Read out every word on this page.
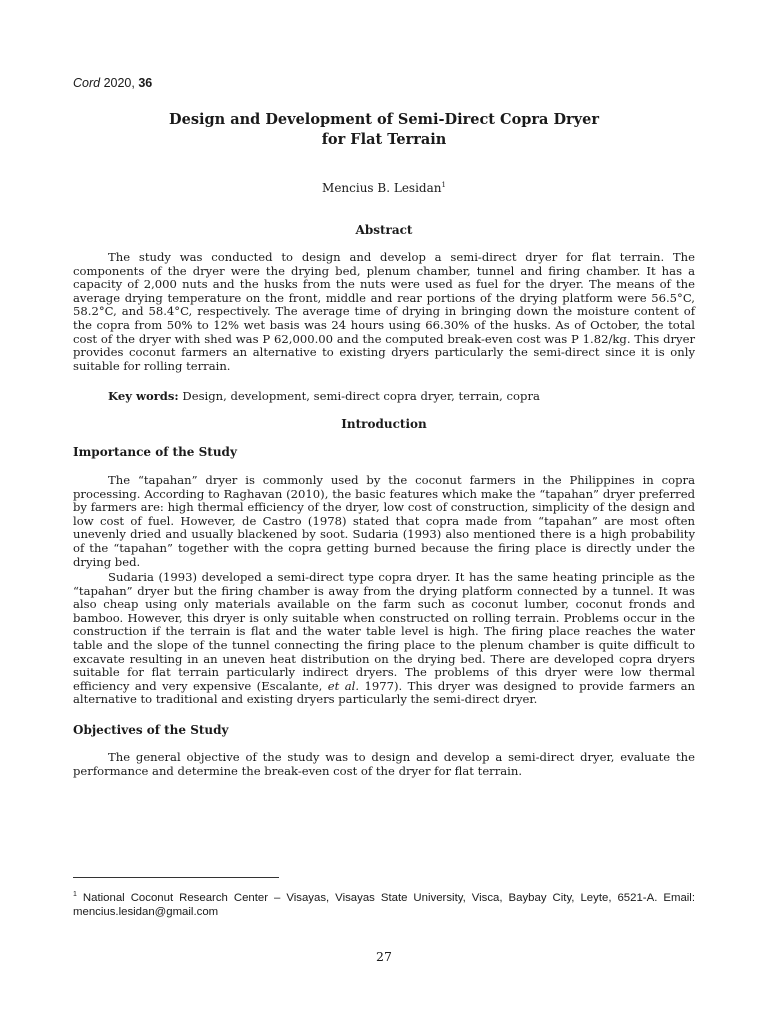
Cord 2020, 36
Design and Development of Semi-Direct Copra Dryer
for Flat Terrain
Mencius B. Lesidan$^1$
Abstract

The study was conducted to design and develop a semi-direct dryer for flat terrain. The components of the dryer were the drying bed, plenum chamber, tunnel and firing chamber. It has a capacity of 2,000 nuts and the husks from the nuts were used as fuel for the dryer. The means of the average drying temperature on the front, middle and rear portions of the drying platform were 56.5°C, 58.2°C, and 58.4°C, respectively. The average time of drying in bringing down the moisture content of the copra from 50% to 12% wet basis was 24 hours using 66.30% of the husks. As of October, the total cost of the dryer with shed was P 62,000.00 and the computed break-even cost was P 1.82/kg. This dryer provides coconut farmers an alternative to existing dryers particularly the semi-direct since it is only suitable for rolling terrain.

Key words: Design, development, semi-direct copra dryer, terrain, copra
Introduction
Importance of the Study

The “tapahan” dryer is commonly used by the coconut farmers in the Philippines in copra processing. According to Raghavan (2010), the basic features which make the “tapahan” dryer preferred by farmers are: high thermal efficiency of the dryer, low cost of construction, simplicity of the design and low cost of fuel. However, de Castro (1978) stated that copra made from “tapahan” are most often unevenly dried and usually blackened by soot. Sudaria (1993) also mentioned there is a high probability of the “tapahan” together with the copra getting burned because the firing place is directly under the drying bed.

Sudaria (1993) developed a semi-direct type copra dryer. It has the same heating principle as the “tapahan” dryer but the firing chamber is away from the drying platform connected by a tunnel. It was also cheap using only materials available on the farm such as coconut lumber, coconut fronds and bamboo. However, this dryer is only suitable when constructed on rolling terrain. Problems occur in the construction if the terrain is flat and the water table level is high. The firing place reaches the water table and the slope of the tunnel connecting the firing place to the plenum chamber is quite difficult to excavate resulting in an uneven heat distribution on the drying bed. There are developed copra dryers suitable for flat terrain particularly indirect dryers. The problems of this dryer were low thermal efficiency and very expensive (Escalante, et al. 1977). This dryer was designed to provide farmers an alternative to traditional and existing dryers particularly the semi-direct dryer.

Objectives of the Study

The general objective of the study was to design and develop a semi-direct dryer, evaluate the performance and determine the break-even cost of the dryer for flat terrain.

$^1$ National Coconut Research Center – Visayas, Visayas State University, Visca, Baybay City, Leyte, 6521-A. Email: mencius.lesidan@gmail.com
27
